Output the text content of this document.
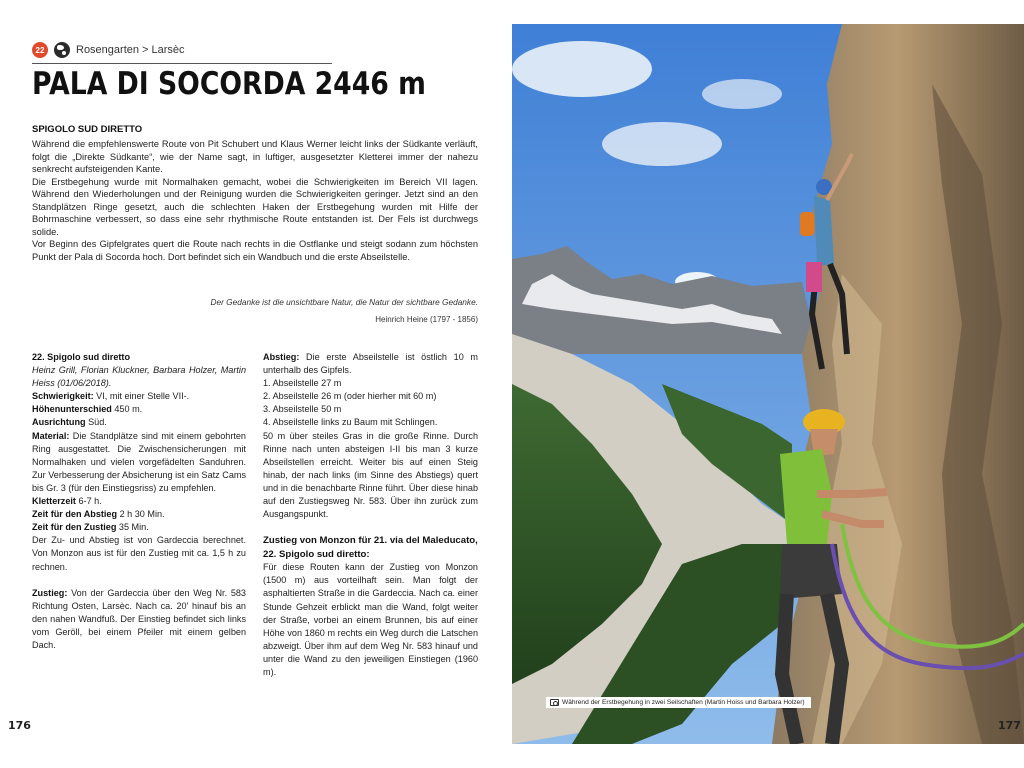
22	Rosengarten > Larsèc
PALA DI SOCORDA 2446 m
SPIGOLO SUD DIRETTO

Während die empfehlenswerte Route von Pit Schubert und Klaus Werner leicht links der Südkante verläuft, folgt die „Direkte Südkante“, wie der Name sagt, in luftiger, ausgesetzter Kletterei immer der nahezu senkrecht aufsteigenden Kante.

Die Erstbegehung wurde mit Normalhaken gemacht, wobei die Schwierigkeiten im Bereich VII lagen. Während den Wiederholungen und der Reinigung wurden die Schwierigkeiten geringer. Jetzt sind an den Standplätzen Ringe gesetzt, auch die schlechten Haken der Erstbegehung wurden mit Hilfe der Bohrmaschine verbessert, so dass eine sehr rhythmische Route entstanden ist. Der Fels ist durchwegs solide.

Vor Beginn des Gipfelgrates quert die Route nach rechts in die Ostflanke und steigt sodann zum höchsten Punkt der Pala di Socorda hoch. Dort befindet sich ein Wandbuch und die erste Abseilstelle.

Der Gedanke ist die unsichtbare Natur, die Natur der sichtbare Gedanke.
Heinrich Heine (1797 - 1856)

22. Spigolo sud diretto

Heinz Grill, Florian Kluckner, Barbara Holzer, Martin Heiss (01/06/2018).

Schwierigkeit: VI, mit einer Stelle VII-.

Höhenunterschied 450 m.

Ausrichtung Süd.

Material: Die Standplätze sind mit einem gebohrten Ring ausgestattet. Die Zwischensicherungen mit Normalhaken und vielen vorgefädelten Sanduhren. Zur Verbesserung der Absicherung ist ein Satz Cams bis Gr. 3 (für den Einstiegsriss) zu empfehlen.

Kletterzeit 6-7 h.

Zeit für den Abstieg 2 h 30 Min.

Zeit für den Zustieg 35 Min.

Der Zu- und Abstieg ist von Gardeccia berechnet. Von Monzon aus ist für den Zustieg mit ca. 1,5 h zu rechnen.

Zustieg: Von der Gardeccia über den Weg Nr. 583 Richtung Osten, Larsèc. Nach ca. 20' hinauf bis an den nahen Wandfuß. Der Einstieg befindet sich links vom Geröll, bei einem Pfeiler mit einem gelben Dach.

Abstieg: Die erste Abseilstelle ist östlich 10 m unterhalb des Gipfels.

1. Abseilstelle 27 m

2. Abseilstelle 26 m (oder hierher mit 60 m)

3. Abseilstelle 50 m

4. Abseilstelle links zu Baum mit Schlingen.

50 m über steiles Gras in die große Rinne. Durch Rinne nach unten absteigen I-II bis man 3 kurze Abseilstellen erreicht. Weiter bis auf einen Steig hinab, der nach links (im Sinne des Abstiegs) quert und in die benachbarte Rinne führt. Über diese hinab auf den Zustiegsweg Nr. 583. Über ihn zurück zum Ausgangspunkt.

Zustieg von Monzon für 21. via del Maleducato,

22. Spigolo sud diretto:

Für diese Routen kann der Zustieg von Monzon (1500 m) aus vorteilhaft sein. Man folgt der asphaltierten Straße in die Gardeccia. Nach ca. einer Stunde Gehzeit erblickt man die Wand, folgt weiter der Straße, vorbei an einem Brunnen, bis auf einer Höhe von 1860 m rechts ein Weg durch die Latschen abzweigt. Über ihm auf dem Weg Nr. 583 hinauf und unter die Wand zu den jeweiligen Einstiegen (1960 m).

176
Während der Erstbegehung in zwei Seilschaften (Martin Hoiss und Barbara Holzer)
177
